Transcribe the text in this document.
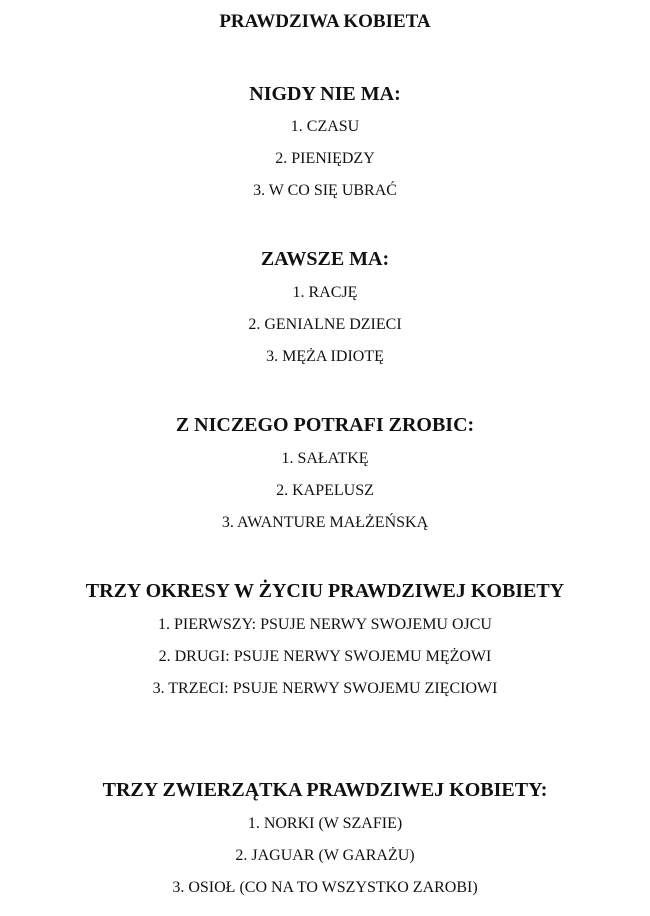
PRAWDZIWA KOBIETA
NIGDY NIE MA:
1. CZASU
2. PIENIĘDZY
3. W CO SIĘ UBRAĆ
ZAWSZE MA:
1. RACJĘ
2. GENIALNE DZIECI
3. MĘŻA IDIOTĘ
Z NICZEGO POTRAFI ZROBIC:
1. SAŁATKĘ
2. KAPELUSZ
3. AWANTURE MAŁŻEŃSKĄ
TRZY OKRESY W ŻYCIU PRAWDZIWEJ KOBIETY
1. PIERWSZY: PSUJE NERWY SWOJEMU OJCU
2. DRUGI: PSUJE NERWY SWOJEMU MĘŻOWI
3. TRZECI: PSUJE NERWY SWOJEMU ZIĘCIOWI
TRZY ZWIERZĄTKA PRAWDZIWEJ KOBIETY:
1. NORKI (W SZAFIE)
2. JAGUAR (W GARAŻU)
3. OSIOŁ (CO NA TO WSZYSTKO ZAROBI)
